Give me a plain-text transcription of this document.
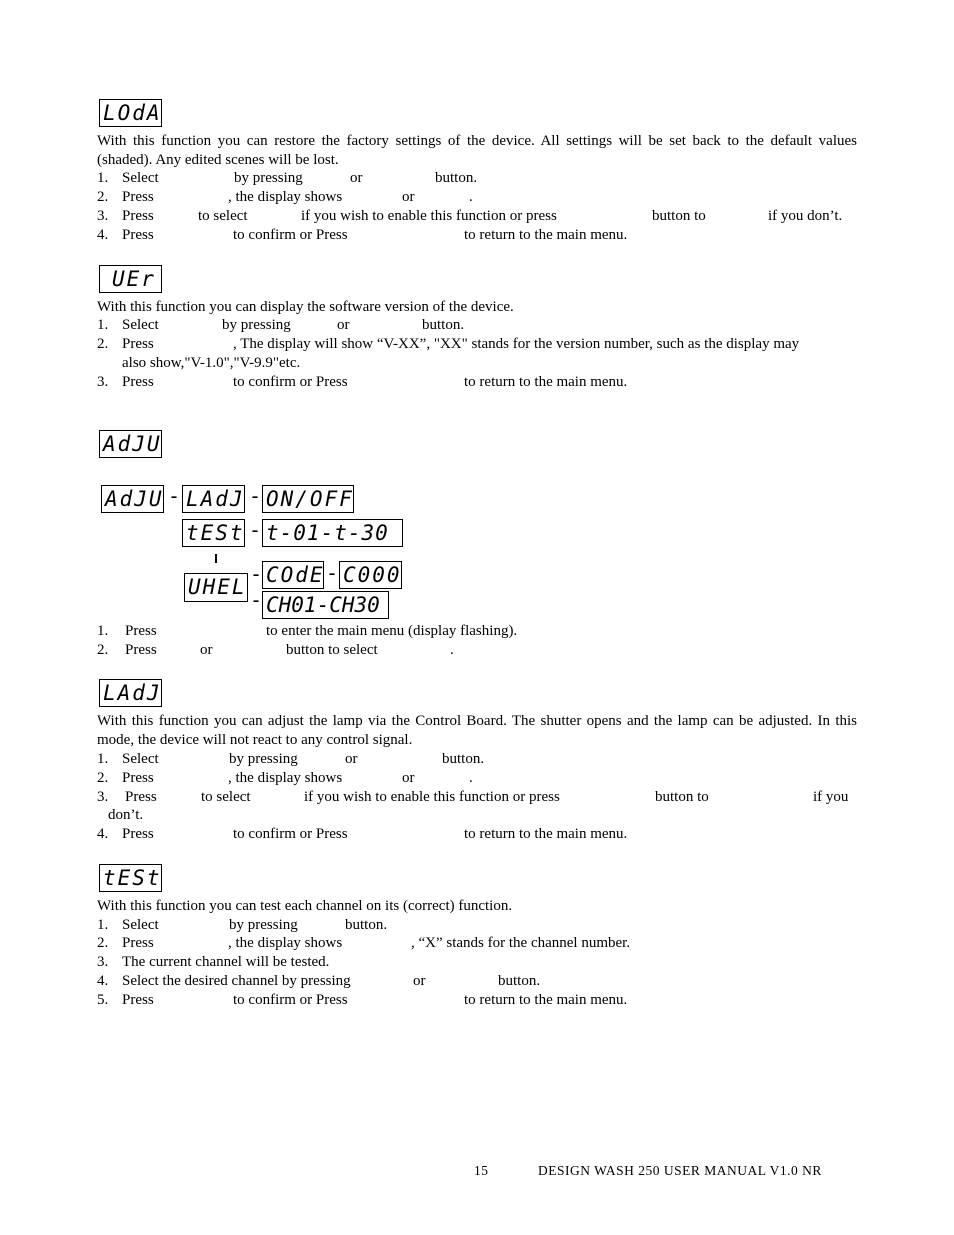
LOdA
With this function you can restore the factory settings of the device. All settings will be set back to the default values (shaded). Any edited scenes will be lost.
1. Select	by pressing	or	button.
2. Press	, the display shows	or	.
3. Press	to select	if you wish to enable this function or press	button to	if you don’t.
4. Press	to confirm or Press	to return to the main menu.
UEr
With this function you can display the software version of the device.
1. Select	by pressing	or	button.
2. Press	, The display will show “V-XX”, "XX" stands for the version number, such as the display may
also show,"V-1.0","V-9.9"etc.
3. Press	to confirm or Press	to return to the main menu.
AdJU
AdJU - LAdJ - ON/OFF
tESt - t-01-t-30
UHEL
- COdE - C000
- CH01-CH30
1. Press	to enter the main menu (display flashing).
2. Press	or	button to select	.
LAdJ
With this function you can adjust the lamp via the Control Board. The shutter opens and the lamp can be adjusted. In this mode, the device will not react to any control signal.
1. Select	by pressing	or	button.
2. Press	, the display shows	or	.
3. Press	to select	if you wish to enable this function or press	button to	if you
don’t.
4. Press	to confirm or Press	to return to the main menu.
tESt
With this function you can test each channel on its (correct) function.
1. Select	by pressing	button.
2. Press	, the display shows	, “X” stands for the channel number.
3. The current channel will be tested.
4. Select the desired channel by pressing	or	button.
5. Press	to confirm or Press	to return to the main menu.
15	DESIGN WASH 250 USER MANUAL V1.0 NR
